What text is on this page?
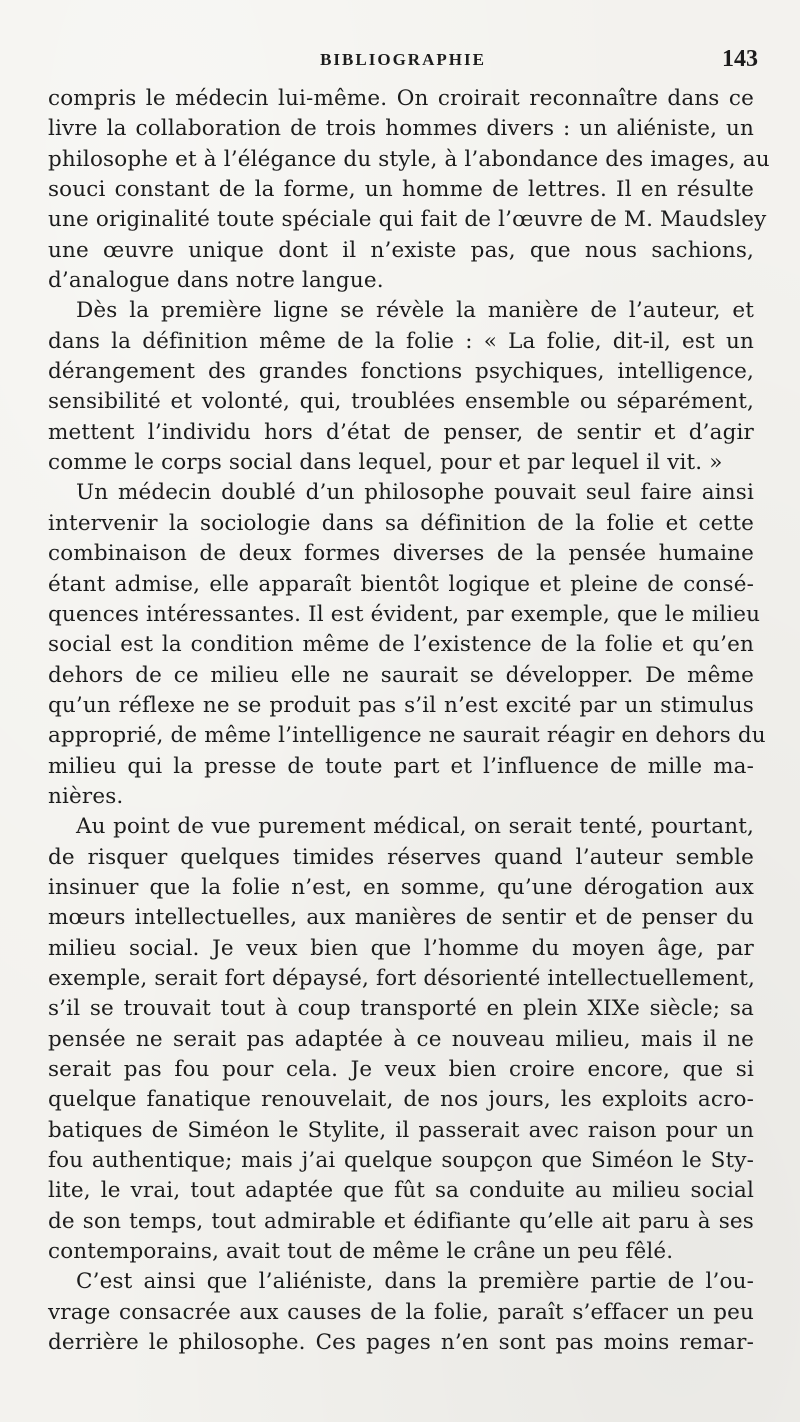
BIBLIOGRAPHIE	143
compris le médecin lui-même. On croirait reconnaître dans ce
livre la collaboration de trois hommes divers : un aliéniste, un
philosophe et à l’élégance du style, à l’abondance des images, au
souci constant de la forme, un homme de lettres. Il en résulte
une originalité toute spéciale qui fait de l’œuvre de M. Maudsley
une œuvre unique dont il n’existe pas, que nous sachions,
d’analogue dans notre langue.
Dès la première ligne se révèle la manière de l’auteur, et
dans la définition même de la folie : « La folie, dit-il, est un
dérangement des grandes fonctions psychiques, intelligence,
sensibilité et volonté, qui, troublées ensemble ou séparément,
mettent l’individu hors d’état de penser, de sentir et d’agir
comme le corps social dans lequel, pour et par lequel il vit. »
Un médecin doublé d’un philosophe pouvait seul faire ainsi
intervenir la sociologie dans sa définition de la folie et cette
combinaison de deux formes diverses de la pensée humaine
étant admise, elle apparaît bientôt logique et pleine de consé-
quences intéressantes. Il est évident, par exemple, que le milieu
social est la condition même de l’existence de la folie et qu’en
dehors de ce milieu elle ne saurait se développer. De même
qu’un réflexe ne se produit pas s’il n’est excité par un stimulus
approprié, de même l’intelligence ne saurait réagir en dehors du
milieu qui la presse de toute part et l’influence de mille ma-
nières.
Au point de vue purement médical, on serait tenté, pourtant,
de risquer quelques timides réserves quand l’auteur semble
insinuer que la folie n’est, en somme, qu’une dérogation aux
mœurs intellectuelles, aux manières de sentir et de penser du
milieu social. Je veux bien que l’homme du moyen âge, par
exemple, serait fort dépaysé, fort désorienté intellectuellement,
s’il se trouvait tout à coup transporté en plein XIXe siècle; sa
pensée ne serait pas adaptée à ce nouveau milieu, mais il ne
serait pas fou pour cela. Je veux bien croire encore, que si
quelque fanatique renouvelait, de nos jours, les exploits acro-
batiques de Siméon le Stylite, il passerait avec raison pour un
fou authentique; mais j’ai quelque soupçon que Siméon le Sty-
lite, le vrai, tout adaptée que fût sa conduite au milieu social
de son temps, tout admirable et édifiante qu’elle ait paru à ses
contemporains, avait tout de même le crâne un peu fêlé.
C’est ainsi que l’aliéniste, dans la première partie de l’ou-
vrage consacrée aux causes de la folie, paraît s’effacer un peu
derrière le philosophe. Ces pages n’en sont pas moins remar-
